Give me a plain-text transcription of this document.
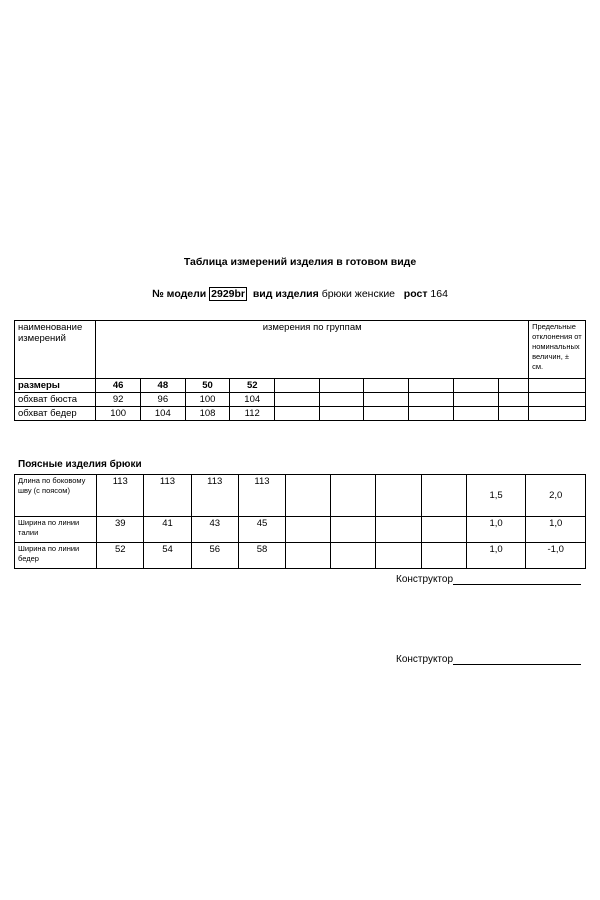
Таблица измерений изделия в готовом виде
№ модели 2929br вид изделия брюки женские рост 164
наименование измерений	измерения по группам										Предельные отклонения от номинальных величин, ± см.
размеры	46	48	50	52							
обхват бюста	92	96	100	104							
обхват бедер	100	104	108	112							
Поясные изделия брюки
Длина по боковому шву (с поясом)	113	113	113	113					1,5	2,0
Ширина по линии талии	39	41	43	45					1,0	1,0
Ширина по линии бедер	52	54	56	58					1,0	-1,0
Конструктор
Конструктор
